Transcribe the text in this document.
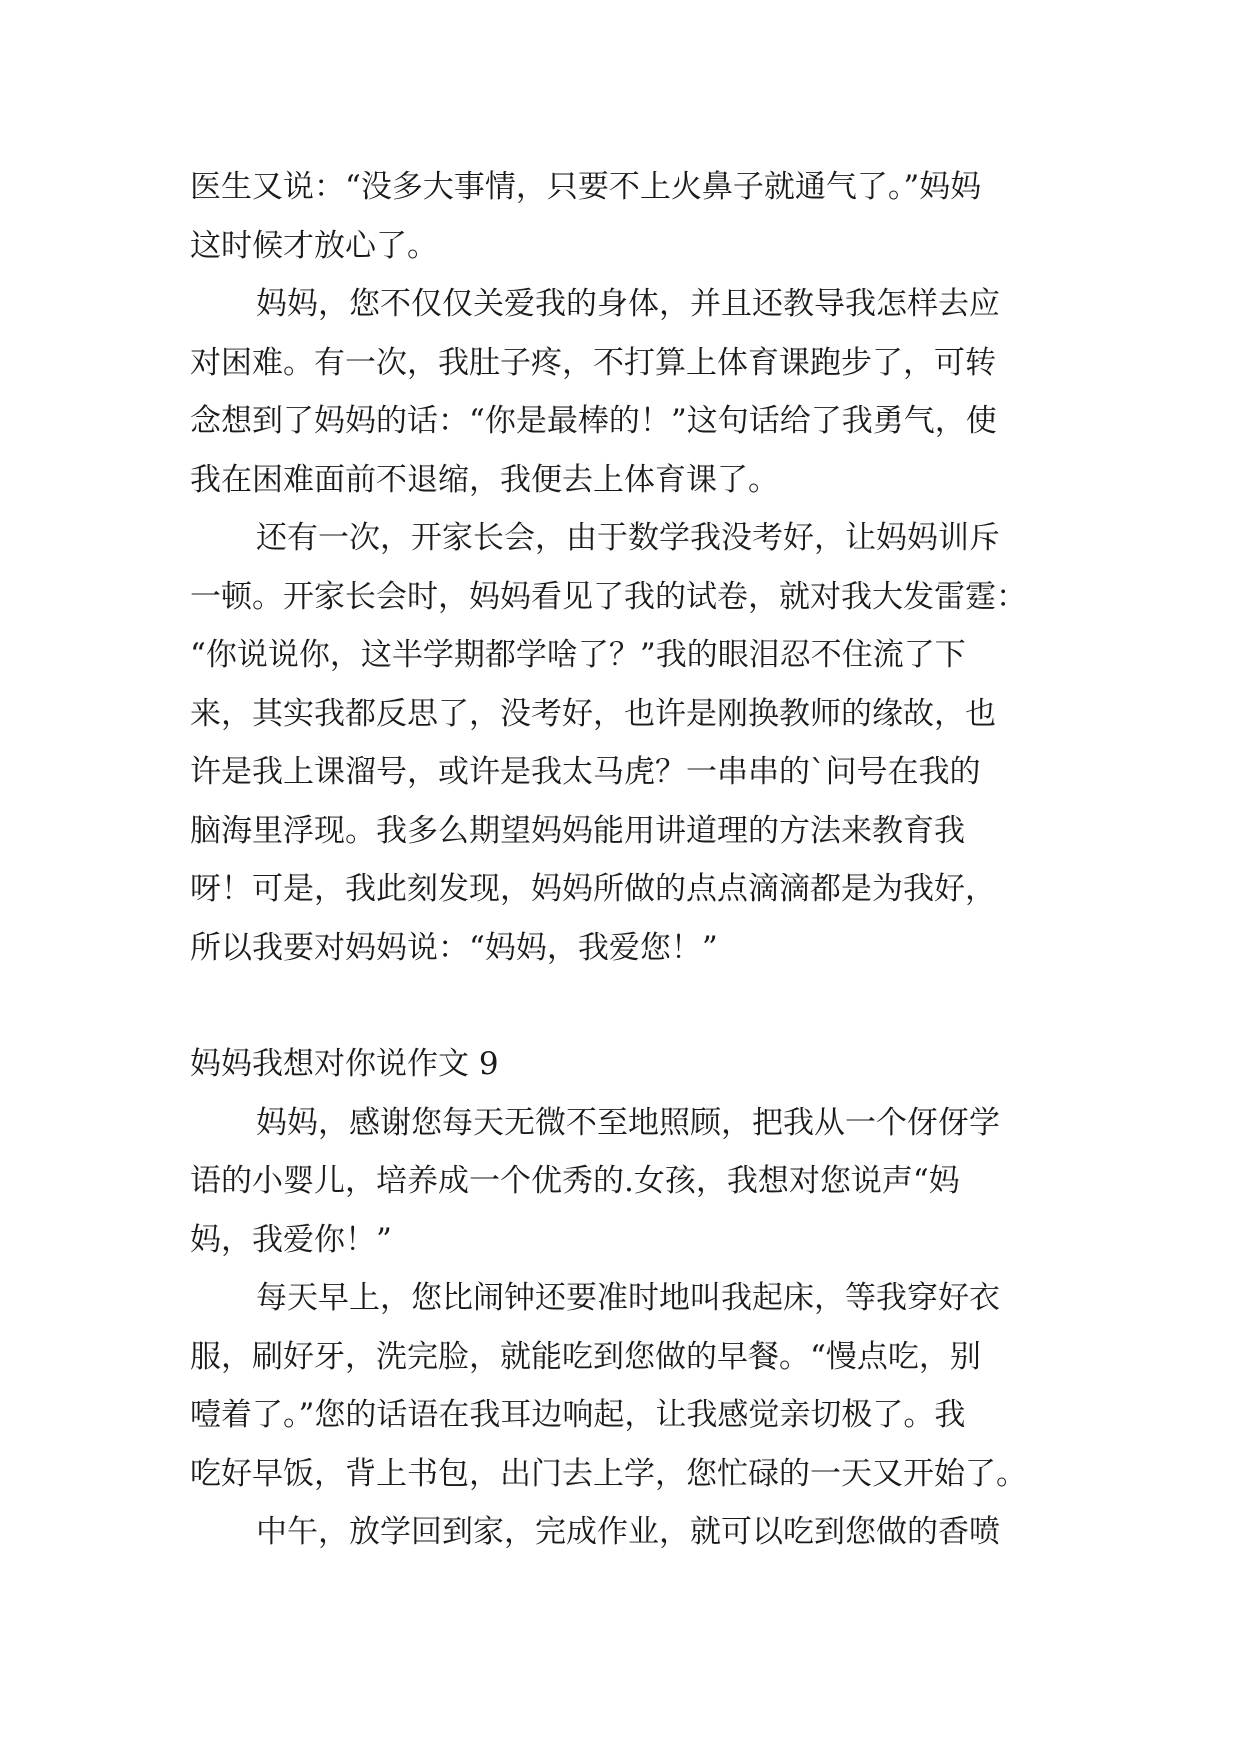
医生又说：“没多大事情，只要不上火鼻子就通气了。”妈妈
这时候才放心了。
妈妈，您不仅仅关爱我的身体，并且还教导我怎样去应
对困难。有一次，我肚子疼，不打算上体育课跑步了，可转
念想到了妈妈的话：“你是最棒的！”这句话给了我勇气，使
我在困难面前不退缩，我便去上体育课了。
还有一次，开家长会，由于数学我没考好，让妈妈训斥
一顿。开家长会时，妈妈看见了我的试卷，就对我大发雷霆：
“你说说你，这半学期都学啥了？”我的眼泪忍不住流了下
来，其实我都反思了，没考好，也许是刚换教师的缘故，也
许是我上课溜号，或许是我太马虎？一串串的`问号在我的
脑海里浮现。我多么期望妈妈能用讲道理的方法来教育我
呀！可是，我此刻发现，妈妈所做的点点滴滴都是为我好，
所以我要对妈妈说：“妈妈，我爱您！”
妈妈我想对你说作文 9
妈妈，感谢您每天无微不至地照顾，把我从一个伢伢学
语的小婴儿，培养成一个优秀的.女孩，我想对您说声“妈
妈，我爱你！”
每天早上，您比闹钟还要准时地叫我起床，等我穿好衣
服，刷好牙，洗完脸，就能吃到您做的早餐。“慢点吃，别
噎着了。”您的话语在我耳边响起，让我感觉亲切极了。我
吃好早饭，背上书包，出门去上学，您忙碌的一天又开始了。
中午，放学回到家，完成作业，就可以吃到您做的香喷
